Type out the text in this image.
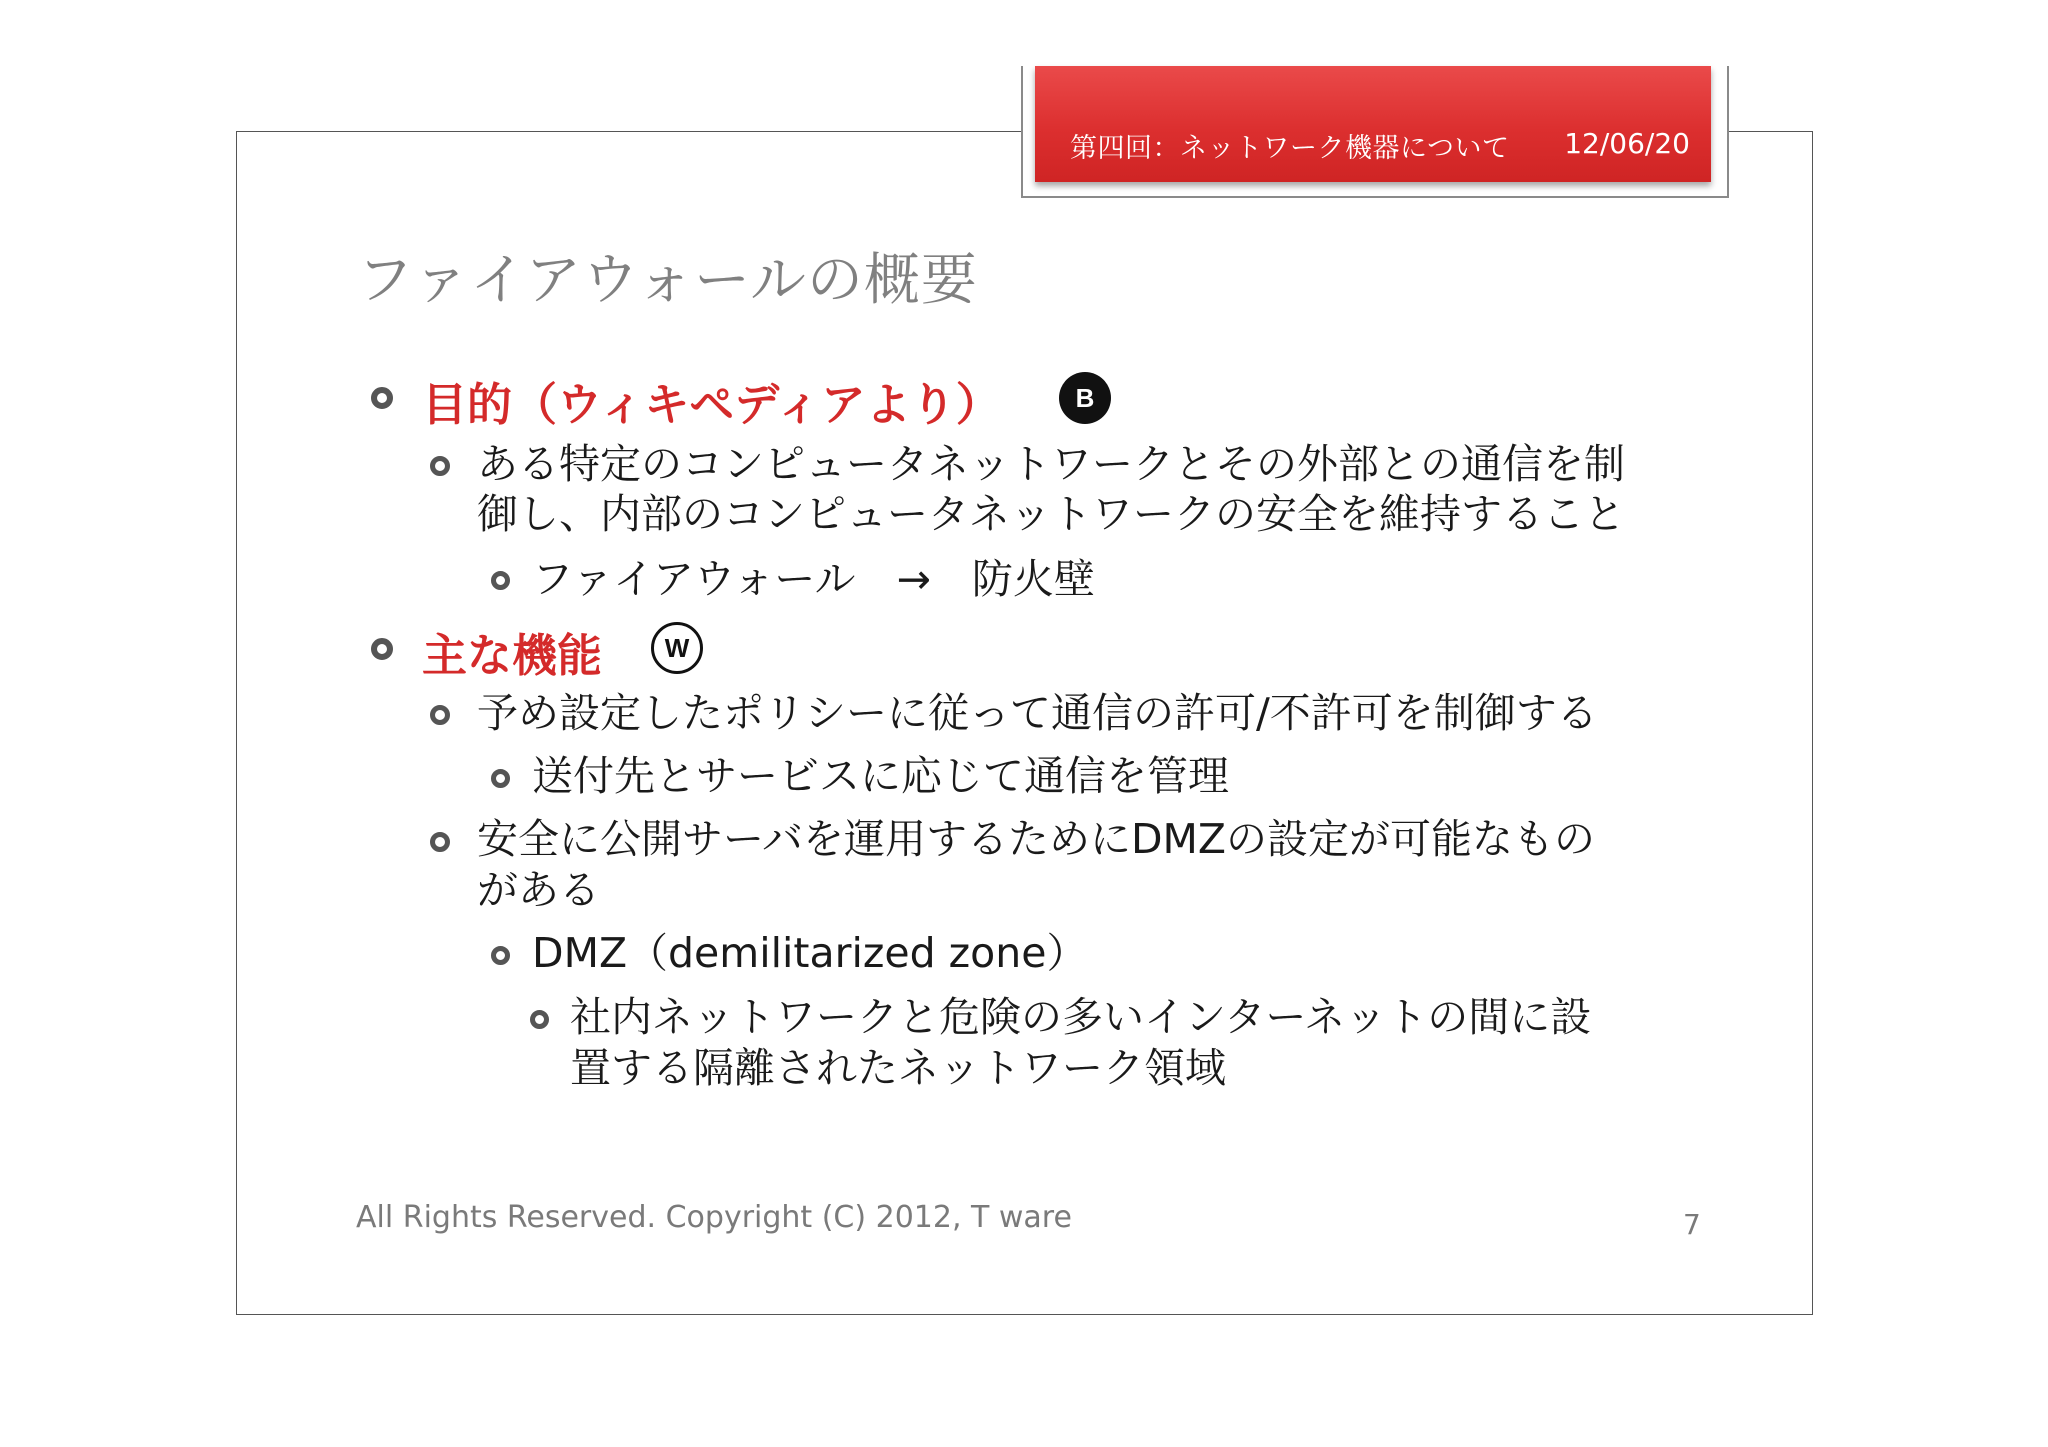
第四回：ネットワーク機器について 12/06/20
ファイアウォールの概要
目的（ウィキペディアより）	B
ある特定のコンピュータネットワークとその外部との通信を制
御し、内部のコンピュータネットワークの安全を維持すること
ファイアウォール　→　防火壁
主な機能	W
予め設定したポリシーに従って通信の許可/不許可を制御する
送付先とサービスに応じて通信を管理
安全に公開サーバを運用するためにDMZの設定が可能なもの
がある
DMZ（demilitarized zone）
社内ネットワークと危険の多いインターネットの間に設
置する隔離されたネットワーク領域
All Rights Reserved. Copyright (C) 2012, T ware	7
